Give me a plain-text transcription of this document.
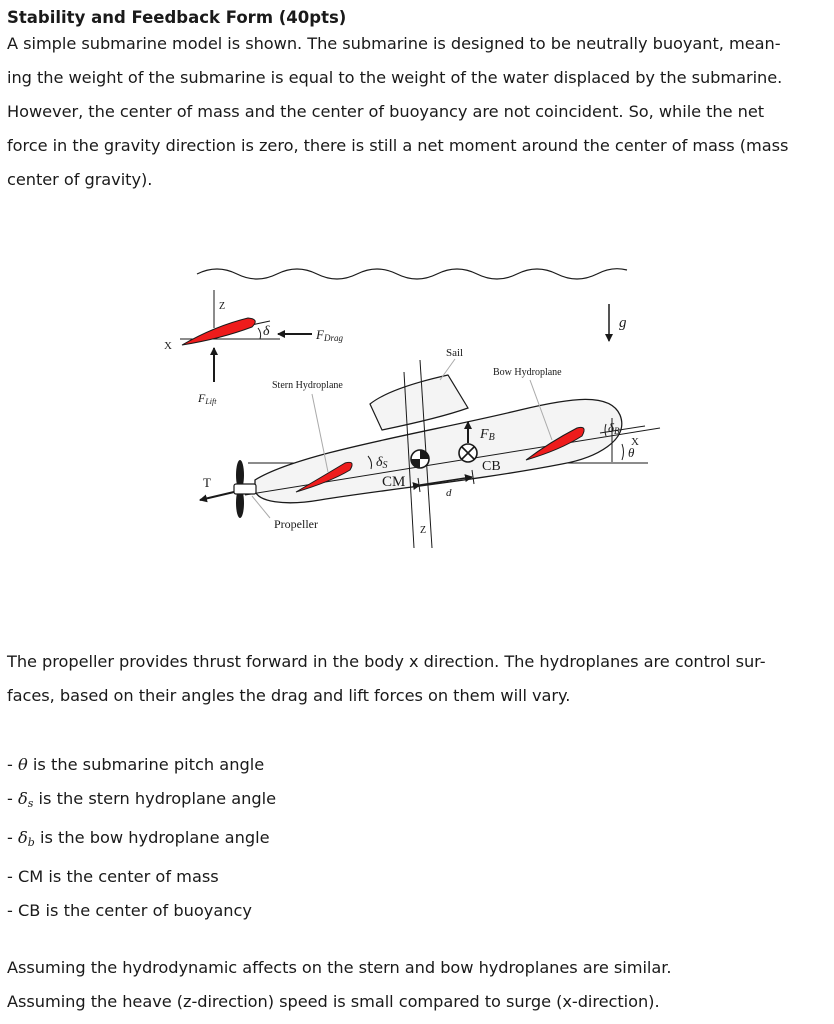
Stability and Feedback Form (40pts)

A simple submarine model is shown. The submarine is designed to be neutrally buoyant, mean-
ing the weight of the submarine is equal to the weight of the water displaced by the submarine.
However, the center of mass and the center of buoyancy are not coincident. So, while the net
force in the gravity direction is zero, there is still a net moment around the center of mass (mass
center of gravity).

Z
X
δ	FDrag
FLift
g
Stern Hydroplane
Propeller
Sail
Bow Hydroplane
T
δS
CM
d
Z
FB
CB
δB
θ
X

The propeller provides thrust forward in the body x direction. The hydroplanes are control sur-
faces, based on their angles the drag and lift forces on them will vary.

- θ is the submarine pitch angle
- $\delta_s$ is the stern hydroplane angle
- $\delta_b$ is the bow hydroplane angle
- CM is the center of mass
- CB is the center of buoyancy

Assuming the hydrodynamic affects on the stern and bow hydroplanes are similar.
Assuming the heave (z-direction) speed is small compared to surge (x-direction).
